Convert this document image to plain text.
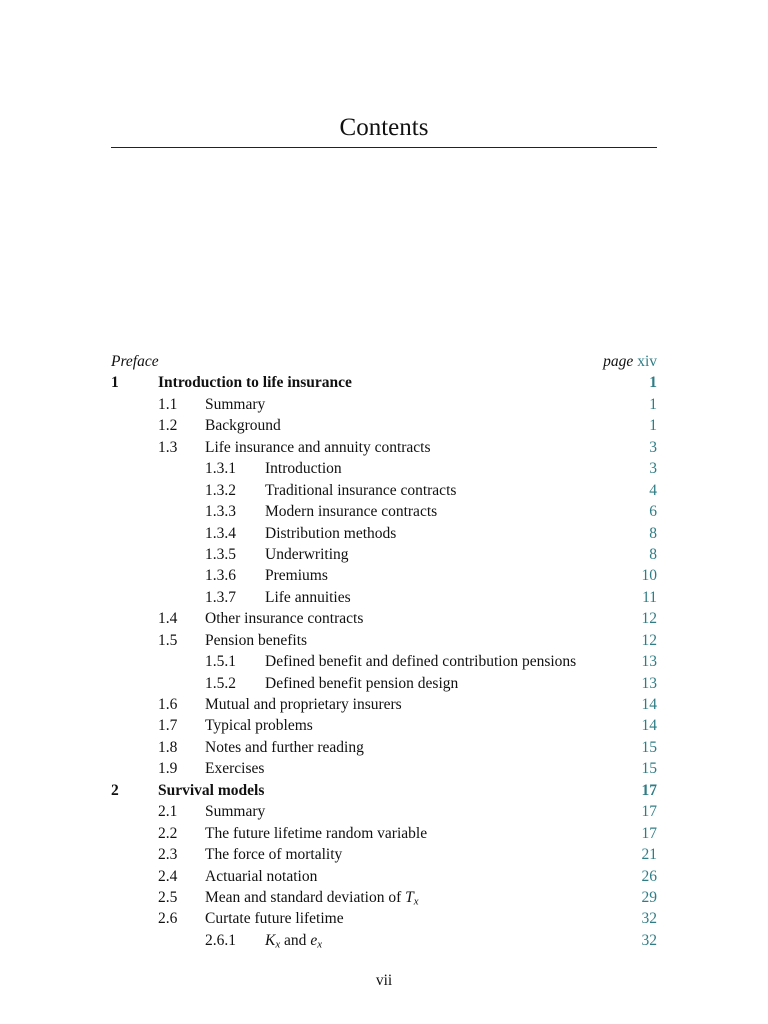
Contents
Preface	page xiv
1	Introduction to life insurance	1
1.1 Summary	1
1.2 Background	1
1.3 Life insurance and annuity contracts	3
1.3.1 Introduction	3
1.3.2 Traditional insurance contracts	4
1.3.3 Modern insurance contracts	6
1.3.4 Distribution methods	8
1.3.5 Underwriting	8
1.3.6 Premiums	10
1.3.7 Life annuities	11
1.4 Other insurance contracts	12
1.5 Pension benefits	12
1.5.1 Defined benefit and defined contribution pensions	13
1.5.2 Defined benefit pension design	13
1.6 Mutual and proprietary insurers	14
1.7 Typical problems	14
1.8 Notes and further reading	15
1.9 Exercises	15
2	Survival models	17
2.1 Summary	17
2.2 The future lifetime random variable	17
2.3 The force of mortality	21
2.4 Actuarial notation	26
2.5 Mean and standard deviation of $T_x$	29
2.6 Curtate future lifetime	32
2.6.1 $K_x$ and $e_x$	32
vii
